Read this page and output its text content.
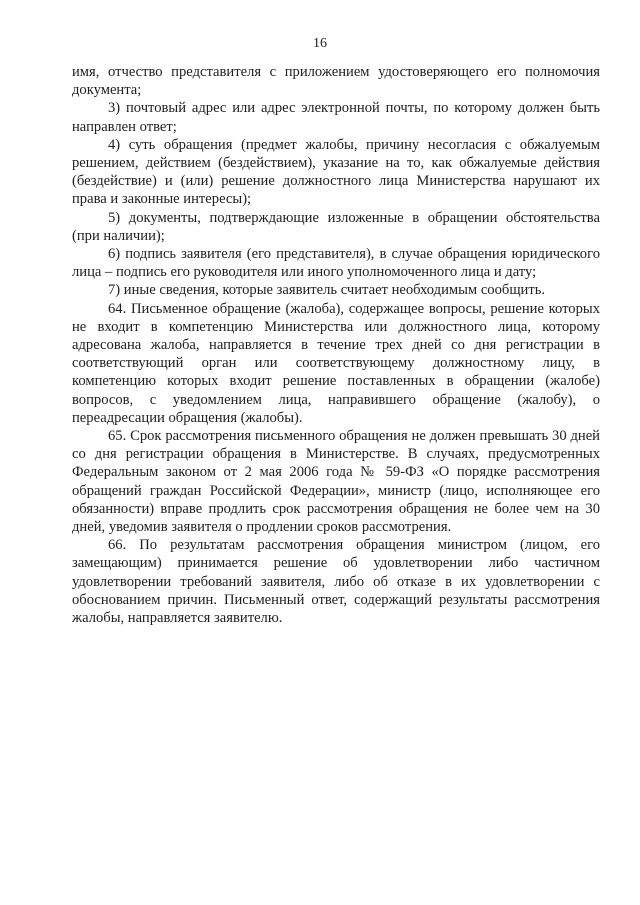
16

имя, отчество представителя с приложением удостоверяющего его полномочия документа;

3) почтовый адрес или адрес электронной почты, по которому должен быть направлен ответ;

4) суть обращения (предмет жалобы, причину несогласия с обжалуемым решением, действием (бездействием), указание на то, как обжалуемые действия (бездействие) и (или) решение должностного лица Министерства нарушают их права и законные интересы);

5) документы, подтверждающие изложенные в обращении обстоятельства (при наличии);

6) подпись заявителя (его представителя), в случае обращения юридического лица – подпись его руководителя или иного уполномоченного лица и дату;

7) иные сведения, которые заявитель считает необходимым сообщить.

64. Письменное обращение (жалоба), содержащее вопросы, решение которых не входит в компетенцию Министерства или должностного лица, которому адресована жалоба, направляется в течение трех дней со дня регистрации в соответствующий орган или соответствующему должностному лицу, в компетенцию которых входит решение поставленных в обращении (жалобе) вопросов, с уведомлением лица, направившего обращение (жалобу), о переадресации обращения (жалобы).

65. Срок рассмотрения письменного обращения не должен превышать 30 дней со дня регистрации обращения в Министерстве. В случаях, предусмотренных Федеральным законом от 2 мая 2006 года № 59-ФЗ «О порядке рассмотрения обращений граждан Российской Федерации», министр (лицо, исполняющее его обязанности) вправе продлить срок рассмотрения обращения не более чем на 30 дней, уведомив заявителя о продлении сроков рассмотрения.

66. По результатам рассмотрения обращения министром (лицом, его замещающим) принимается решение об удовлетворении либо частичном удовлетворении требований заявителя, либо об отказе в их удовлетворении с обоснованием причин. Письменный ответ, содержащий результаты рассмотрения жалобы, направляется заявителю.
